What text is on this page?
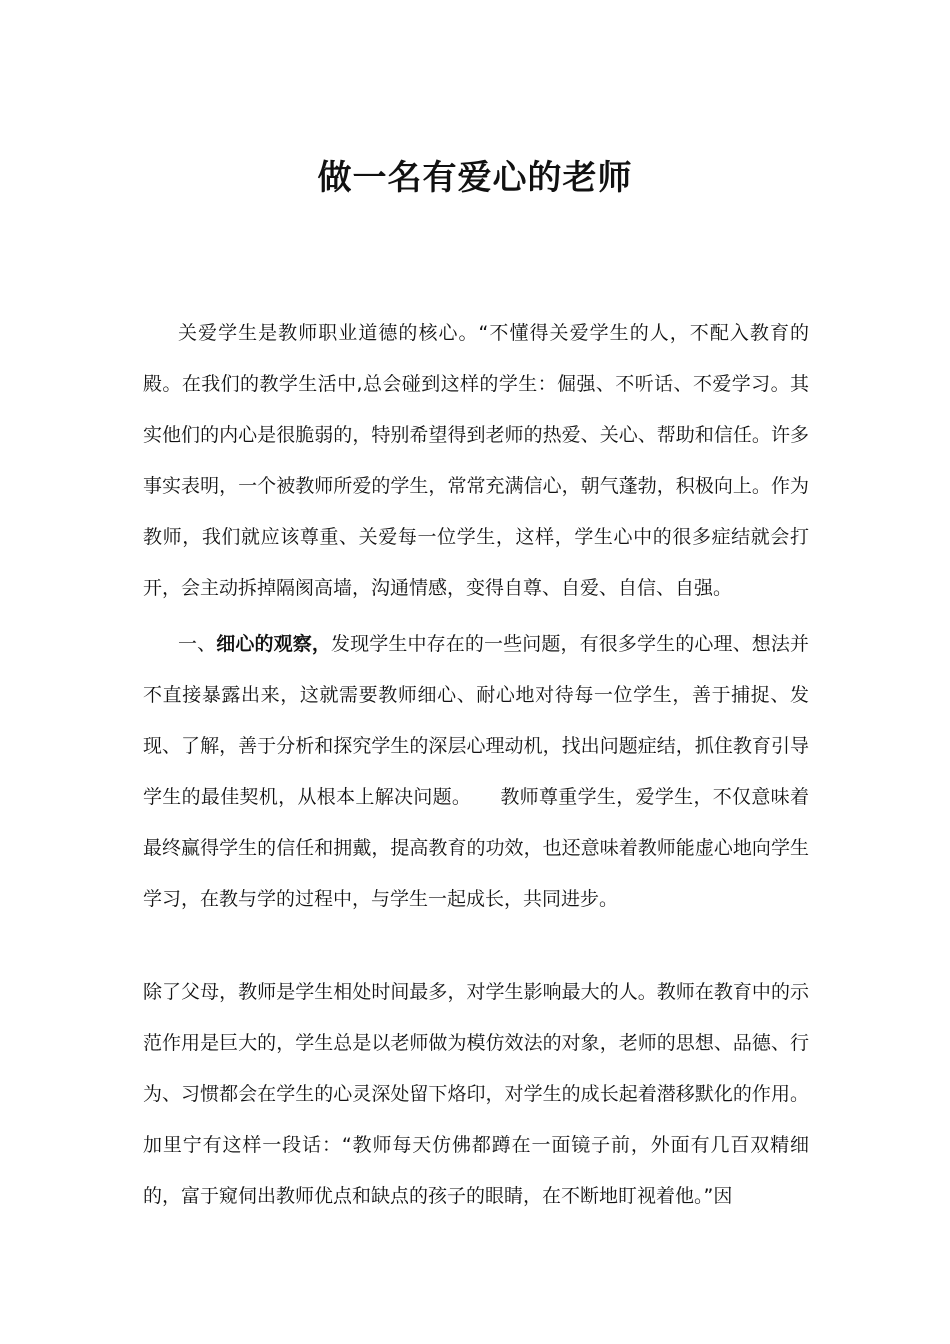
做一名有爱心的老师

关爱学生是教师职业道德的核心。“不懂得关爱学生的人，不配入教育的殿。在我们的教学生活中,总会碰到这样的学生：倔强、不听话、不爱学习。其实他们的内心是很脆弱的，特别希望得到老师的热爱、关心、帮助和信任。许多事实表明，一个被教师所爱的学生，常常充满信心，朝气蓬勃，积极向上。作为教师，我们就应该尊重、关爱每一位学生，这样，学生心中的很多症结就会打开，会主动拆掉隔阂高墙，沟通情感，变得自尊、自爱、自信、自强。

一、细心的观察，发现学生中存在的一些问题，有很多学生的心理、想法并不直接暴露出来，这就需要教师细心、耐心地对待每一位学生，善于捕捉、发现、了解，善于分析和探究学生的深层心理动机，找出问题症结，抓住教育引导学生的最佳契机，从根本上解决问题。　　教师尊重学生，爱学生，不仅意味着最终赢得学生的信任和拥戴，提高教育的功效，也还意味着教师能虚心地向学生学习，在教与学的过程中，与学生一起成长，共同进步。

除了父母，教师是学生相处时间最多，对学生影响最大的人。教师在教育中的示范作用是巨大的，学生总是以老师做为模仿效法的对象，老师的思想、品德、行为、习惯都会在学生的心灵深处留下烙印，对学生的成长起着潜移默化的作用。加里宁有这样一段话：“教师每天仿佛都蹲在一面镜子前，外面有几百双精细的，富于窥伺出教师优点和缺点的孩子的眼睛，在不断地盯视着他。”因
